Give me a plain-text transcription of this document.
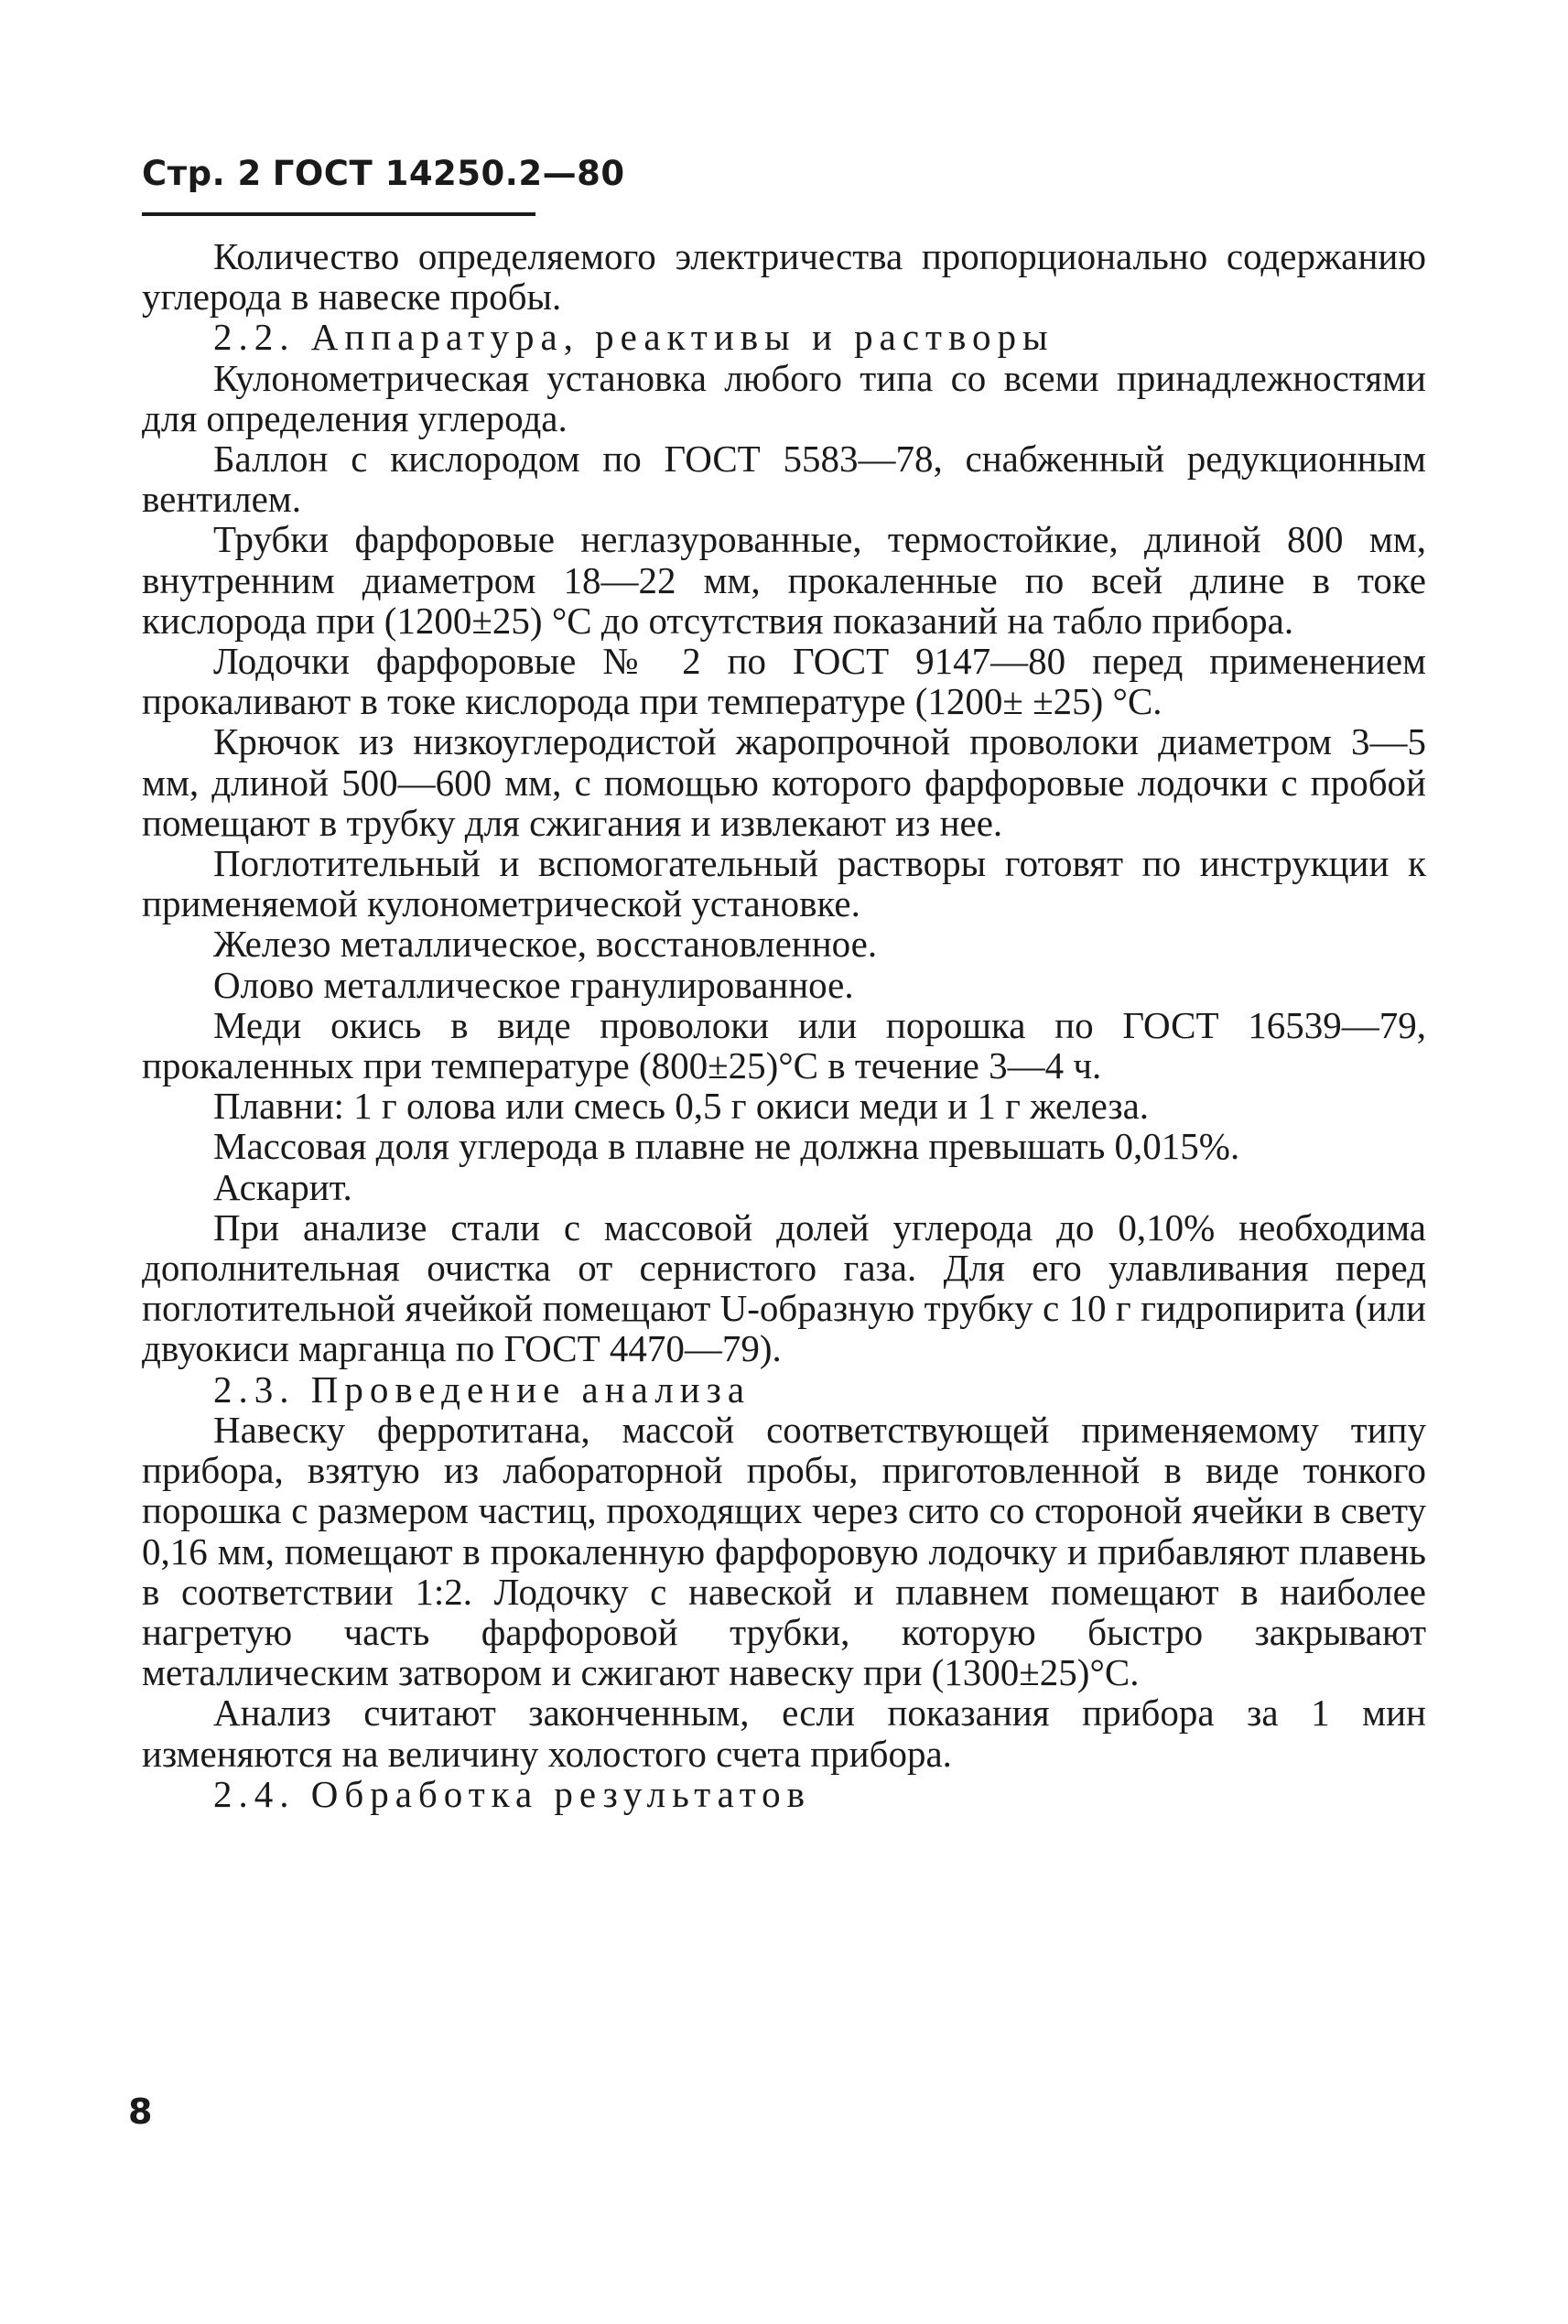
Стр. 2 ГОСТ 14250.2—80

Количество определяемого электричества пропорционально содержанию углерода в навеске пробы.

2.2. Аппаратура, реактивы и растворы

Кулонометрическая установка любого типа со всеми принадлежностями для определения углерода.

Баллон с кислородом по ГОСТ 5583—78, снабженный редукционным вентилем.

Трубки фарфоровые неглазурованные, термостойкие, длиной 800 мм, внутренним диаметром 18—22 мм, прокаленные по всей длине в токе кислорода при (1200±25) °С до отсутствия показаний на табло прибора.

Лодочки фарфоровые № 2 по ГОСТ 9147—80 перед применением прокаливают в токе кислорода при температуре (1200± ±25) °С.

Крючок из низкоуглеродистой жаропрочной проволоки диаметром 3—5 мм, длиной 500—600 мм, с помощью которого фарфоровые лодочки с пробой помещают в трубку для сжигания и извлекают из нее.

Поглотительный и вспомогательный растворы готовят по инструкции к применяемой кулонометрической установке.

Железо металлическое, восстановленное.

Олово металлическое гранулированное.

Меди окись в виде проволоки или порошка по ГОСТ 16539—79, прокаленных при температуре (800±25)°С в течение 3—4 ч.

Плавни: 1 г олова или смесь 0,5 г окиси меди и 1 г железа.

Массовая доля углерода в плавне не должна превышать 0,015%.

Аскарит.

При анализе стали с массовой долей углерода до 0,10% необходима дополнительная очистка от сернистого газа. Для его улавливания перед поглотительной ячейкой помещают U-образную трубку с 10 г гидропирита (или двуокиси марганца по ГОСТ 4470—79).

2.3. Проведение анализа

Навеску ферротитана, массой соответствующей применяемому типу прибора, взятую из лабораторной пробы, приготовленной в виде тонкого порошка с размером частиц, проходящих через сито со стороной ячейки в свету 0,16 мм, помещают в прокаленную фарфоровую лодочку и прибавляют плавень в соответствии 1:2. Лодочку с навеской и плавнем помещают в наиболее нагретую часть фарфоровой трубки, которую быстро закрывают металлическим затвором и сжигают навеску при (1300±25)°С.

Анализ считают законченным, если показания прибора за 1 мин изменяются на величину холостого счета прибора.

2.4. Обработка результатов

8
